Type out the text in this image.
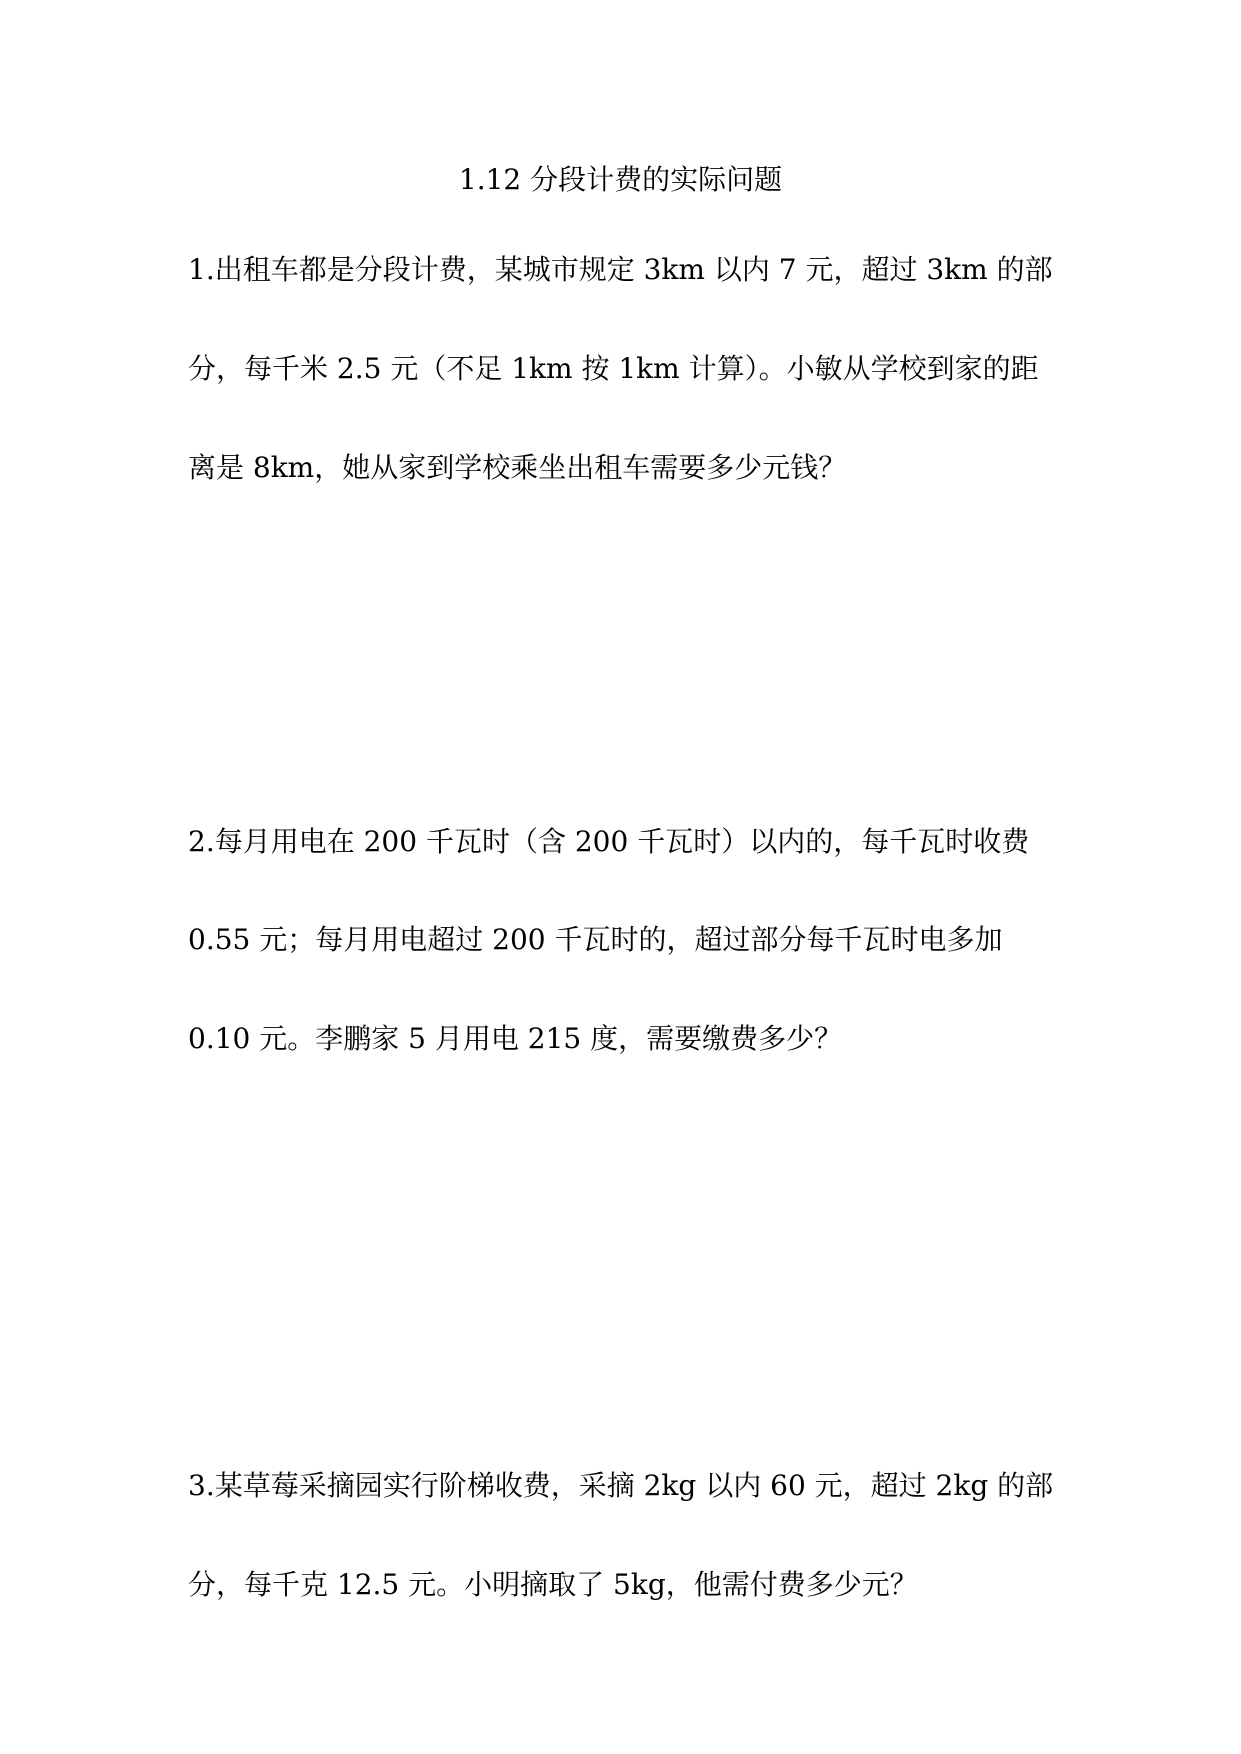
1.12 分段计费的实际问题
1.出租车都是分段计费，某城市规定 3km 以内 7 元，超过 3km 的部
分，每千米 2.5 元（不足 1km 按 1km 计算）。小敏从学校到家的距
离是 8km，她从家到学校乘坐出租车需要多少元钱？
2.每月用电在 200 千瓦时（含 200 千瓦时）以内的，每千瓦时收费
0.55 元；每月用电超过 200 千瓦时的，超过部分每千瓦时电多加
0.10 元。李鹏家 5 月用电 215 度，需要缴费多少？
3.某草莓采摘园实行阶梯收费，采摘 2kg 以内 60 元，超过 2kg 的部
分，每千克 12.5 元。小明摘取了 5kg，他需付费多少元？
